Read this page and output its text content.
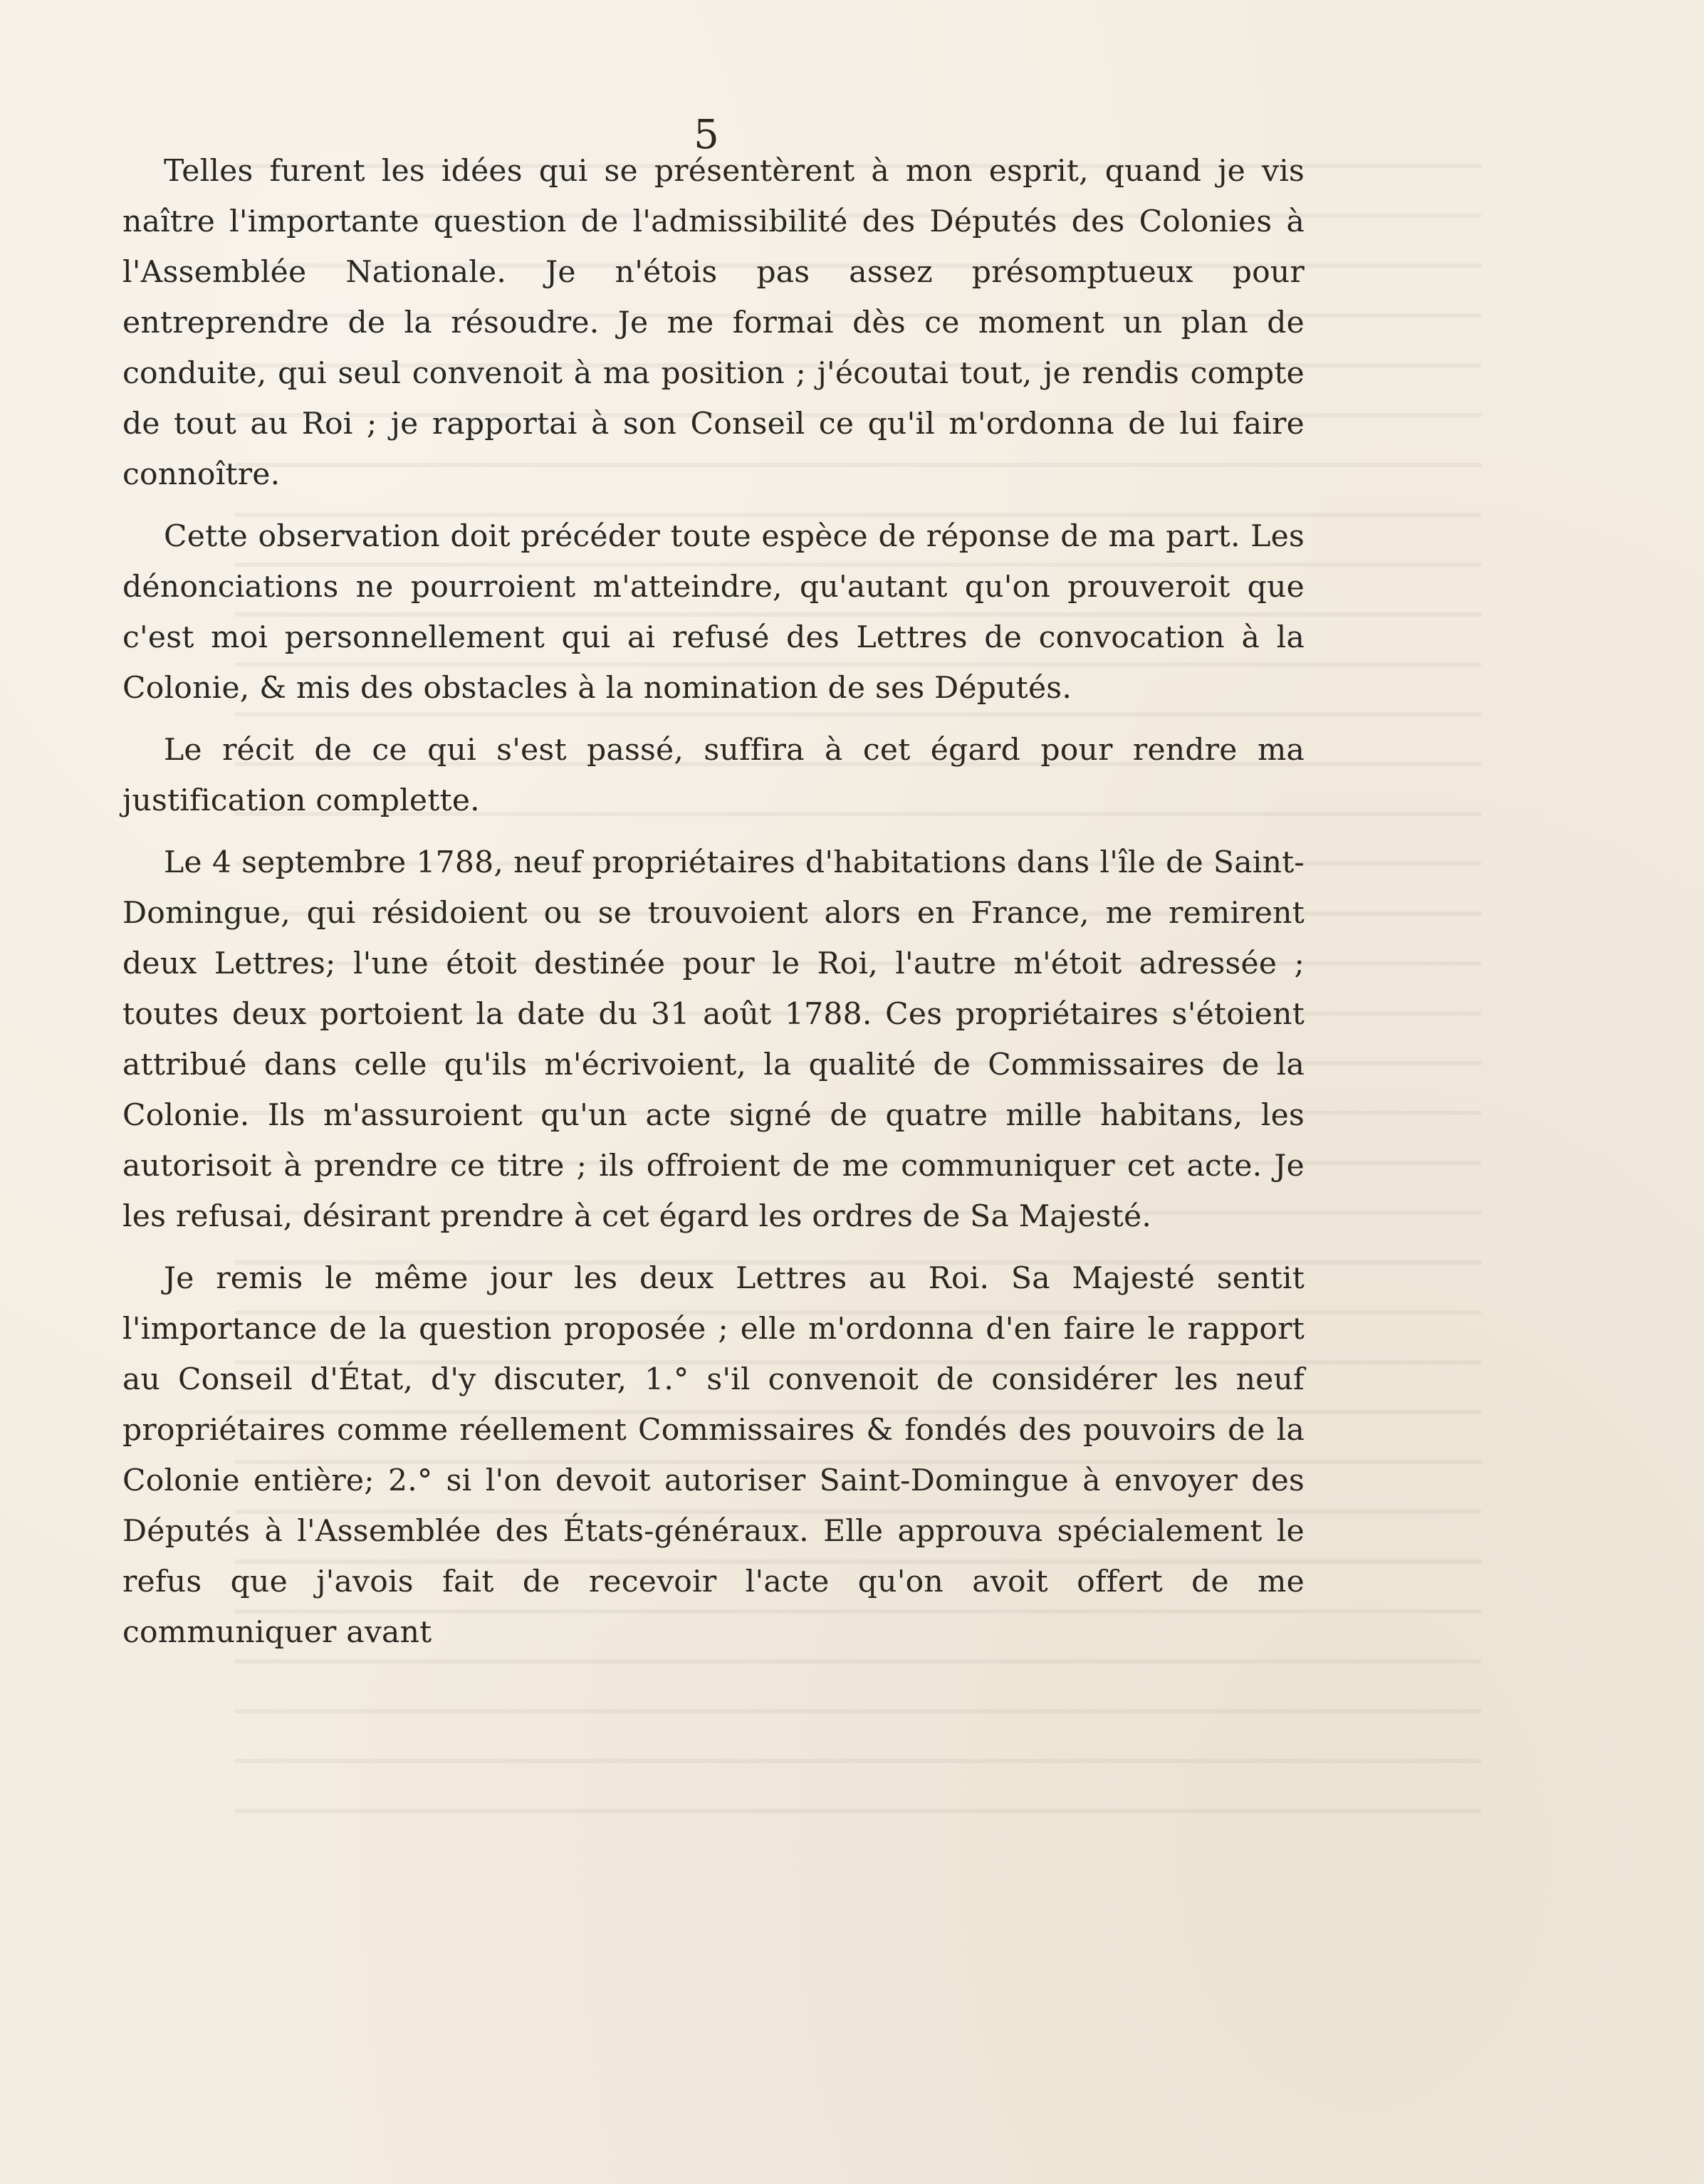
5

Telles furent les idées qui se présentèrent à mon esprit, quand je vis naître l'importante question de l'admissibilité des Députés des Colonies à l'Assemblée Nationale. Je n'étois pas assez présomptueux pour entreprendre de la résoudre. Je me formai dès ce moment un plan de conduite, qui seul convenoit à ma position ; j'écoutai tout, je rendis compte de tout au Roi ; je rapportai à son Conseil ce qu'il m'ordonna de lui faire connoître.

Cette observation doit précéder toute espèce de réponse de ma part. Les dénonciations ne pourroient m'atteindre, qu'autant qu'on prouveroit que c'est moi personnellement qui ai refusé des Lettres de convocation à la Colonie, & mis des obstacles à la nomination de ses Députés.

Le récit de ce qui s'est passé, suffira à cet égard pour rendre ma justification complette.

Le 4 septembre 1788, neuf propriétaires d'habitations dans l'île de Saint-Domingue, qui résidoient ou se trouvoient alors en France, me remirent deux Lettres; l'une étoit destinée pour le Roi, l'autre m'étoit adressée ; toutes deux portoient la date du 31 août 1788. Ces propriétaires s'étoient attribué dans celle qu'ils m'écrivoient, la qualité de Commissaires de la Colonie. Ils m'assuroient qu'un acte signé de quatre mille habitans, les autorisoit à prendre ce titre ; ils offroient de me communiquer cet acte. Je les refusai, désirant prendre à cet égard les ordres de Sa Majesté.

Je remis le même jour les deux Lettres au Roi. Sa Majesté sentit l'importance de la question proposée ; elle m'ordonna d'en faire le rapport au Conseil d'État, d'y discuter, 1.° s'il convenoit de considérer les neuf propriétaires comme réellement Commissaires & fondés des pouvoirs de la Colonie entière; 2.° si l'on devoit autoriser Saint-Domingue à envoyer des Députés à l'Assemblée des États-généraux. Elle approuva spécialement le refus que j'avois fait de recevoir l'acte qu'on avoit offert de me communiquer avant
